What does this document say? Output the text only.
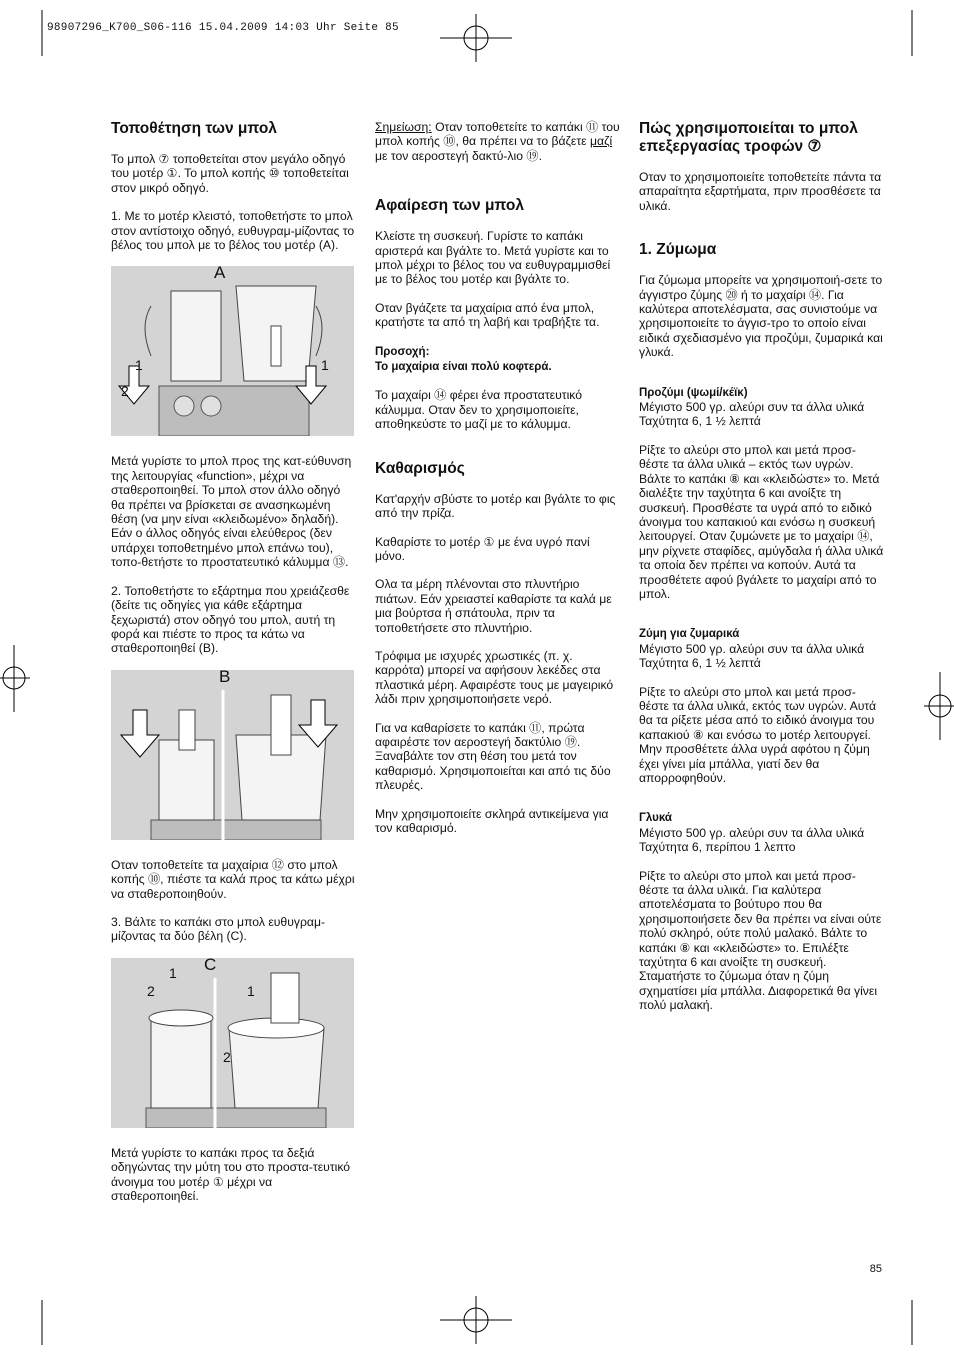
98907296_K700_S06-116 15.04.2009 14:03 Uhr Seite 85
Τοποθέτηση των μπολ

Το μπολ ⑦ τοποθετείται στον μεγάλο οδηγό του μοτέρ ①. Το μπολ κοπής ⑩ τοποθετείται στον μικρό οδηγό.

1. Με το μοτέρ κλειστό, τοποθετήστε το μπολ στον αντίστοιχο οδηγό, ευθυγραμ-μίζοντας το βέλος του μπολ με το βέλος του μοτέρ (A).

A
1
2
1

Μετά γυρίστε το μπολ προς της κατ-εύθυνση της λειτουργίας «function», μέχρι να σταθεροποιηθεί. Το μπολ στον άλλο οδηγό θα πρέπει να βρίσκεται σε ανασηκωμένη θέση (να μην είναι «κλειδωμένο» δηλαδή). Εάν ο άλλος οδηγός είναι ελεύθερος (δεν υπάρχει τοποθετημένο μπολ επάνω του), τοπο-θετήστε το προστατευτικό κάλυμμα ⑬.

2. Τοποθετήστε το εξάρτημα που χρειάζεσθε (δείτε τις οδηγίες για κάθε εξάρτημα ξεχωριστά) στον οδηγό του μπολ, αυτή τη φορά και πιέστε το προς τα κάτω να σταθεροποιηθεί (B).

B

Οταν τοποθετείτε τα μαχαίρια ⑫ στο μπολ κοπής ⑩, πιέστε τα καλά προς τα κάτω μέχρι να σταθεροποιηθούν.

3. Βάλτε το καπάκι στο μπολ ευθυγραμ-μίζοντας τα δύο βέλη (C).

C
1
2	1
2

Μετά γυρίστε το καπάκι προς τα δεξιά οδηγώντας την μύτη του στο προστα-τευτικό άνοιγμα του μοτέρ ① μέχρι να σταθεροποιηθεί.

Σημείωση: Οταν τοποθετείτε το καπάκι ⑪ του μπολ κοπής ⑩, θα πρέπει να το βάζετε μαζί με τον αεροστεγή δακτύ-λιο ⑲.

Αφαίρεση των μπολ

Κλείστε τη συσκευή. Γυρίστε το καπάκι αριστερά και βγάλτε το. Μετά γυρίστε και το μπολ μέχρι το βέλος του να ευθυγραμμισθεί με το βέλος του μοτέρ και βγάλτε το.

Οταν βγάζετε τα μαχαίρια από ένα μπολ, κρατήστε τα από τη λαβή και τραβήξτε τα.

Προσοχή:
Το μαχαίρια είναι πολύ κοφτερά.

Το μαχαίρι ⑭ φέρει ένα προστατευτικό κάλυμμα. Οταν δεν το χρησιμοποιείτε, αποθηκεύστε το μαζί με το κάλυμμα.

Καθαρισμός

Κατ'αρχήν σβύστε το μοτέρ και βγάλτε το φις από την πρίζα.

Καθαρίστε το μοτέρ ① με ένα υγρό πανί μόνο.

Ολα τα μέρη πλένονται στο πλυντήριο πιάτων. Εάν χρειαστεί καθαρίστε τα καλά με μια βούρτσα ή σπάτουλα, πριν τα τοποθετήσετε στο πλυντήριο.

Τρόφιμα με ισχυρές χρωστικές (π. χ. καρρότα) μπορεί να αφήσουν λεκέδες στα πλαστικά μέρη. Αφαιρέστε τους με μαγειρικό λάδι πριν χρησιμοποιήσετε νερό.

Για να καθαρίσετε το καπάκι ⑪, πρώτα αφαιρέστε τον αεροστεγή δακτύλιο ⑲. Ξαναβάλτε τον στη θέση του μετά τον καθαρισμό. Χρησιμοποιείται και από τις δύο πλευρές.

Μην χρησιμοποιείτε σκληρά αντικείμενα για τον καθαρισμό.

Πώς χρησιμοποιείται το μπολ επεξεργασίας τροφών ⑦

Οταν το χρησιμοποιείτε τοποθετείτε πάντα τα απαραίτητα εξαρτήματα, πριν προσθέσετε τα υλικά.

1. Ζύμωμα

Για ζύμωμα μπορείτε να χρησιμοποιή-σετε το άγγιστρο ζύμης ⑳ ή το μαχαίρι ⑭. Για καλύτερα αποτελέσματα, σας συνιστούμε να χρησιμοποιείτε το άγγισ-τρο το οποίο είναι ειδικά σχεδιασμένο για προζύμι, ζυμαρικά και γλυκά.

Προζύμι (ψωμί/κέϊκ)
Μέγιστο 500 γρ. αλεύρι συν τα άλλα υλικά
Ταχύτητα 6, 1 ½ λεπτά

Ρίξτε το αλεύρι στο μπολ και μετά προσ-θέστε τα άλλα υλικά – εκτός των υγρών. Βάλτε το καπάκι ⑧ και «κλειδώστε» το. Μετά διαλέξτε την ταχύτητα 6 και ανοίξτε τη συσκευή. Προσθέστε τα υγρά από το ειδικό άνοιγμα του καπακιού και ενόσω η συσκευή λειτουργεί. Οταν ζυμώνετε με το μαχαίρι ⑭, μην ρίχνετε σταφίδες, αμύγδαλα ή άλλα υλικά τα οποία δεν πρέπει να κοπούν. Αυτά τα προσθέτετε αφού βγάλετε το μαχαίρι από το μπολ.

Ζύμη για ζυμαρικά
Μέγιστο 500 γρ. αλεύρι συν τα άλλα υλικά
Ταχύτητα 6, 1 ½ λεπτά

Ρίξτε το αλεύρι στο μπολ και μετά προσ-θέστε τα άλλα υλικά, εκτός των υγρών. Αυτά θα τα ρίξετε μέσα από το ειδικό άνοιγμα του καπακιού ⑧ και ενόσω το μοτέρ λειτουργεί. Μην προσθέτετε άλλα υγρά αφότου η ζύμη έχει γίνει μία μπάλλα, γιατί δεν θα απορροφηθούν.

Γλυκά
Μέγιστο 500 γρ. αλεύρι συν τα άλλα υλικά
Ταχύτητα 6, περίπου 1 λεπτο

Ρίξτε το αλεύρι στο μπολ και μετά προσ-θέστε τα άλλα υλικά. Για καλύτερα αποτελέσματα το βούτυρο που θα χρησιμοποιήσετε δεν θα πρέπει να είναι ούτε πολύ σκληρό, ούτε πολύ μαλακό. Βάλτε το καπάκι ⑧ και «κλειδώστε» το. Επιλέξτε ταχύτητα 6 και ανοίξτε τη συσκευή. Σταματήστε το ζύμωμα όταν η ζύμη σχηματίσει μία μπάλλα. Διαφορετικά θα γίνει πολύ μαλακή.

85
